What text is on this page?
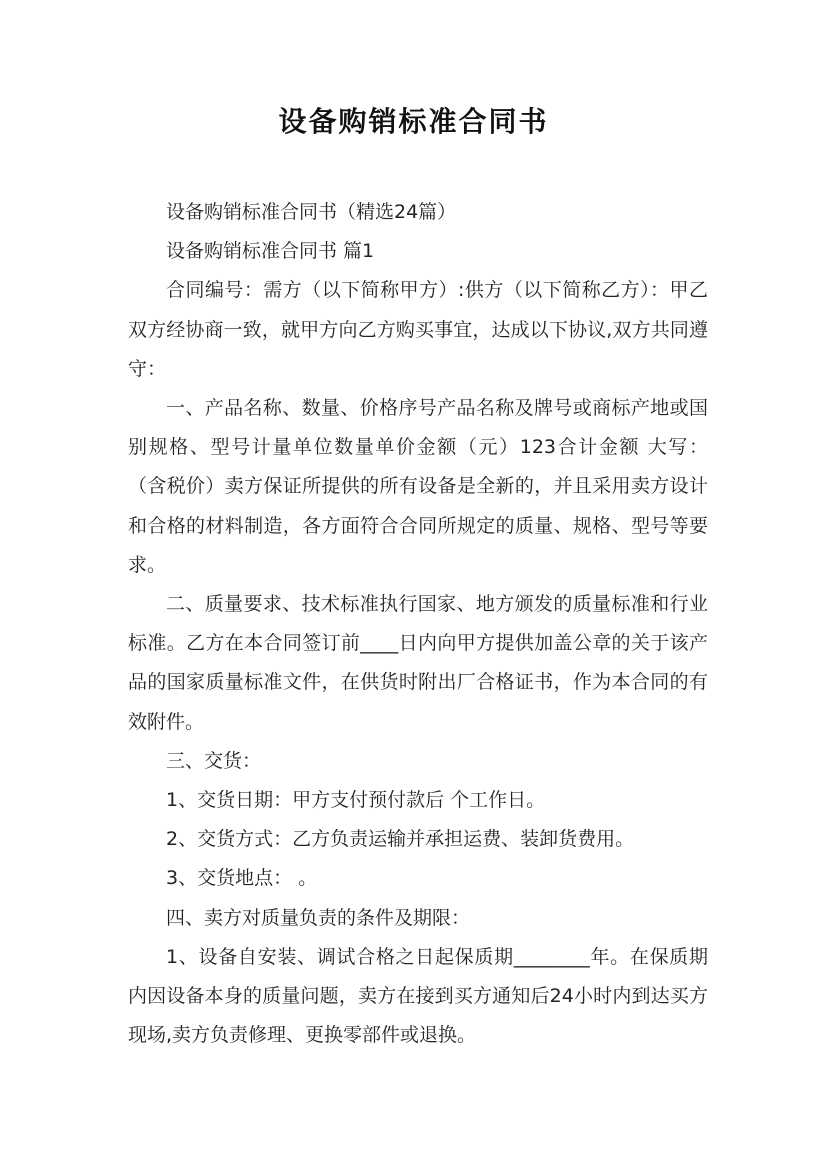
设备购销标准合同书

设备购销标准合同书（精选24篇）

设备购销标准合同书 篇1

合同编号：需方（以下简称甲方）:供方（以下简称乙方）：甲乙双方经协商一致，就甲方向乙方购买事宜，达成以下协议,双方共同遵守：

一、产品名称、数量、价格序号产品名称及牌号或商标产地或国别规格、型号计量单位数量单价金额（元）123合计金额 大写： （含税价）卖方保证所提供的所有设备是全新的，并且采用卖方设计和合格的材料制造，各方面符合合同所规定的质量、规格、型号等要求。

二、质量要求、技术标准执行国家、地方颁发的质量标准和行业标准。乙方在本合同签订前____日内向甲方提供加盖公章的关于该产品的国家质量标准文件，在供货时附出厂合格证书，作为本合同的有效附件。

三、交货：

1、交货日期：甲方支付预付款后 个工作日。

2、交货方式：乙方负责运输并承担运费、装卸货费用。

3、交货地点： 。

四、卖方对质量负责的条件及期限：

1、设备自安装、调试合格之日起保质期________年。在保质期内因设备本身的质量问题，卖方在接到买方通知后24小时内到达买方现场,卖方负责修理、更换零部件或退换。
